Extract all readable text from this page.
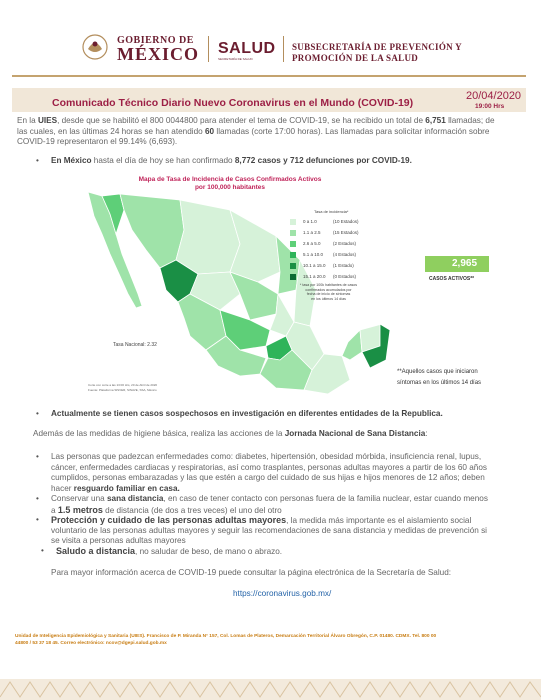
GOBIERNO DE
MÉXICO SALUD
SECRETARÍA DE SALUD
SUBSECRETARÍA DE PREVENCIÓN Y
PROMOCIÓN DE LA SALUD
Comunicado Técnico Diario Nuevo Coronavirus en el Mundo (COVID-19)
20/04/2020
19:00 Hrs
En la UIES, desde que se habilitó el 800 0044800 para atender el tema de COVID-19, se ha recibido un total de 6,751 llamadas; de
las cuales, en las últimas 24 horas se han atendido 60 llamadas (corte 17:00 horas). Las llamadas para solicitar información sobre
COVID-19 representaron el 99.14% (6,693).
• En México hasta el día de hoy se han confirmado 8,772 casos y 712 defunciones por COVID-19.
Mapa de Tasa de Incidencia de Casos Confirmados Activos
por 100,000 habitantes
Tasa de incidencia*
0 a 1.0	(10 Estados)
1.1 a 2.5	(15 Estados)
2.6 a 5.0	(2 Estados)
5.1 a 10.0 (4 Estados)
10.1 a 15.0 (1 Estado)
15.1 a 20.0 (0 Estados)
* tasa por 100k habitantes de casos
confirmados acumulados por
fecha de inicio de síntomas
en los últimos 14 días
Tasa Nacional: 2.32
Corte con corte a las 13:00 Hrs, 20 de Abril de 2020
Fuente: Plataforma SISVER, SINAVE, SSA, México
2,965
CASOS ACTIVOS**
**Aquellos casos que iniciaron
síntomas en los últimos 14 días
• Actualmente se tienen casos sospechosos en investigación en diferentes entidades de la Republica.
Además de las medidas de higiene básica, realiza las acciones de la Jornada Nacional de Sana Distancia:
• Las personas que padezcan enfermedades como: diabetes, hipertensión, obesidad mórbida, insuficiencia renal, lupus,
cáncer, enfermedades cardiacas y respiratorias, así como trasplantes, personas adultas mayores a partir de los 60 años
cumplidos, personas embarazadas y las que estén a cargo del cuidado de sus hijas e hijos menores de 12 años; deben
hacer resguardo familiar en casa.
• Conservar una sana distancia, en caso de tener contacto con personas fuera de la familia nuclear, estar cuando menos
a 1.5 metros de distancia (de dos a tres veces) el uno del otro
• Protección y cuidado de las personas adultas mayores, la medida más importante es el aislamiento social
voluntario de las personas adultas mayores y seguir las recomendaciones de sana distancia y medidas de prevención si
se visita a personas adultas mayores
• Saludo a distancia, no saludar de beso, de mano o abrazo.
Para mayor información acerca de COVID-19 puede consultar la página electrónica de la Secretaría de Salud:
https://coronavirus.gob.mx/
Unidad de Inteligencia Epidemiológica y Sanitaria (UIES). Francisco de P. Miranda N° 157, Col. Lomas de Plateros, Demarcación Territorial Álvaro Obregón, C.P. 01480. CDMX. Tel. 800 00
44800 / 53 37 18 45. Correo electrónico: ncov@dgepi.salud.gob.mx
